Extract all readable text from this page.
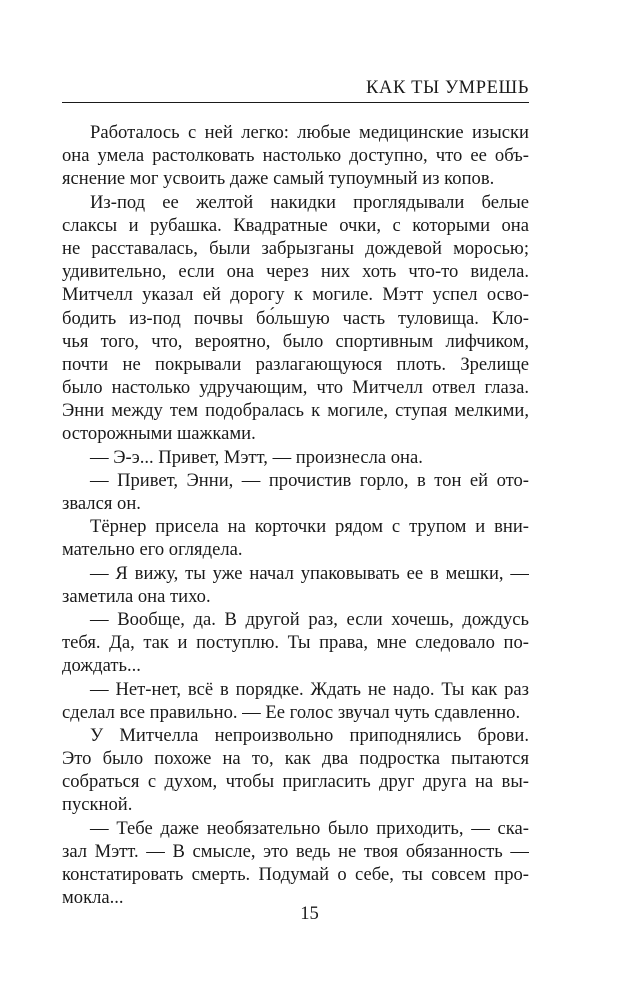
КАК ТЫ УМРЕШЬ
Работалось с ней легко: любые медицинские изыски
она умела растолковать настолько доступно, что ее объ-
яснение мог усвоить даже самый тупоумный из копов.
Из-под ее желтой накидки проглядывали белые
слаксы и рубашка. Квадратные очки, с которыми она
не расставалась, были забрызганы дождевой моросью;
удивительно, если она через них хоть что-то видела.
Митчелл указал ей дорогу к могиле. Мэтт успел осво-
бодить из-под почвы бо́льшую часть туловища. Кло-
чья того, что, вероятно, было спортивным лифчиком,
почти не покрывали разлагающуюся плоть. Зрелище
было настолько удручающим, что Митчелл отвел глаза.
Энни между тем подобралась к могиле, ступая мелкими,
осторожными шажками.
— Э-э... Привет, Мэтт, — произнесла она.
— Привет, Энни, — прочистив горло, в тон ей ото-
звался он.
Тёрнер присела на корточки рядом с трупом и вни-
мательно его оглядела.
— Я вижу, ты уже начал упаковывать ее в мешки, —
заметила она тихо.
— Вообще, да. В другой раз, если хочешь, дождусь
тебя. Да, так и поступлю. Ты права, мне следовало по-
дождать...
— Нет-нет, всё в порядке. Ждать не надо. Ты как раз
сделал все правильно. — Ее голос звучал чуть сдавленно.
У Митчелла непроизвольно приподнялись брови.
Это было похоже на то, как два подростка пытаются
собраться с духом, чтобы пригласить друг друга на вы-
пускной.
— Тебе даже необязательно было приходить, — ска-
зал Мэтт. — В смысле, это ведь не твоя обязанность —
констатировать смерть. Подумай о себе, ты совсем про-
мокла...
15
